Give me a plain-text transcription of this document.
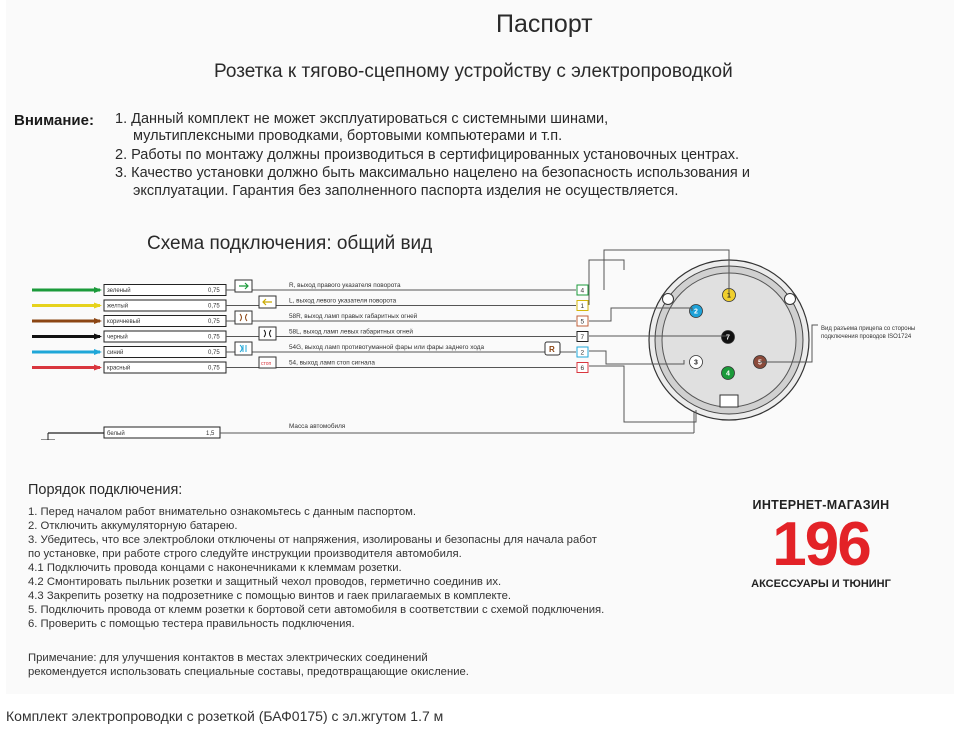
Паспорт
Розетка к тягово-сцепному устройству с электропроводкой
Внимание: 1. Данный комплект не может эксплуатироваться с системными шинами,
мультиплексными проводками, бортовыми компьютерами и т.п.
2. Работы по монтажу должны производиться в сертифицированных установочных центрах.
3. Качество установки должно быть максимально нацелено на безопасность использования и
эксплуатации. Гарантия без заполненного паспорта изделия не осуществляется.
Схема подключения: общий вид
зеленый	0,75
R, выход правого указателя поворота
4
желтый	0,75
L, выход левого указателя поворота
1
коричневый	0,75
58R, выход ламп правых габаритных огней
5
черный	0,75
58L, выход ламп левых габаритных огней
7
синий	0,75
54G, выход ламп противотуманной фары или фары заднего хода
2
красный	0,75
54, выход ламп стоп сигнала
6
белый	1,5
Масса автомобиля
стоп
R
1
2
7
5
4
3
Вид разъема прицепа со стороны
подключения проводов ISO1724
Порядок подключения:
1. Перед началом работ внимательно ознакомьтесь с данным паспортом.
2. Отключить аккумуляторную батарею.
3. Убедитесь, что все электроблоки отключены от напряжения, изолированы и безопасны для начала работ
по установке, при работе строго следуйте инструкции производителя автомобиля.
4.1 Подключить провода концами с наконечниками к клеммам розетки.
4.2 Смонтировать пыльник розетки и защитный чехол проводов, герметично соединив их.
4.3 Закрепить розетку на подрозетнике с помощью винтов и гаек прилагаемых в комплекте.
5. Подключить провода от клемм розетки к бортовой сети автомобиля в соответствии с схемой подключения.
6. Проверить с помощью тестера правильность подключения.
Примечание: для улучшения контактов в местах электрических соединений
рекомендуется использовать специальные составы, предотвращающие окисление.
ИНТЕРНЕТ-МАГАЗИН
196
АКСЕССУАРЫ И ТЮНИНГ
Комплект электропроводки с розеткой (БАФ0175) с эл.жгутом 1.7 м
